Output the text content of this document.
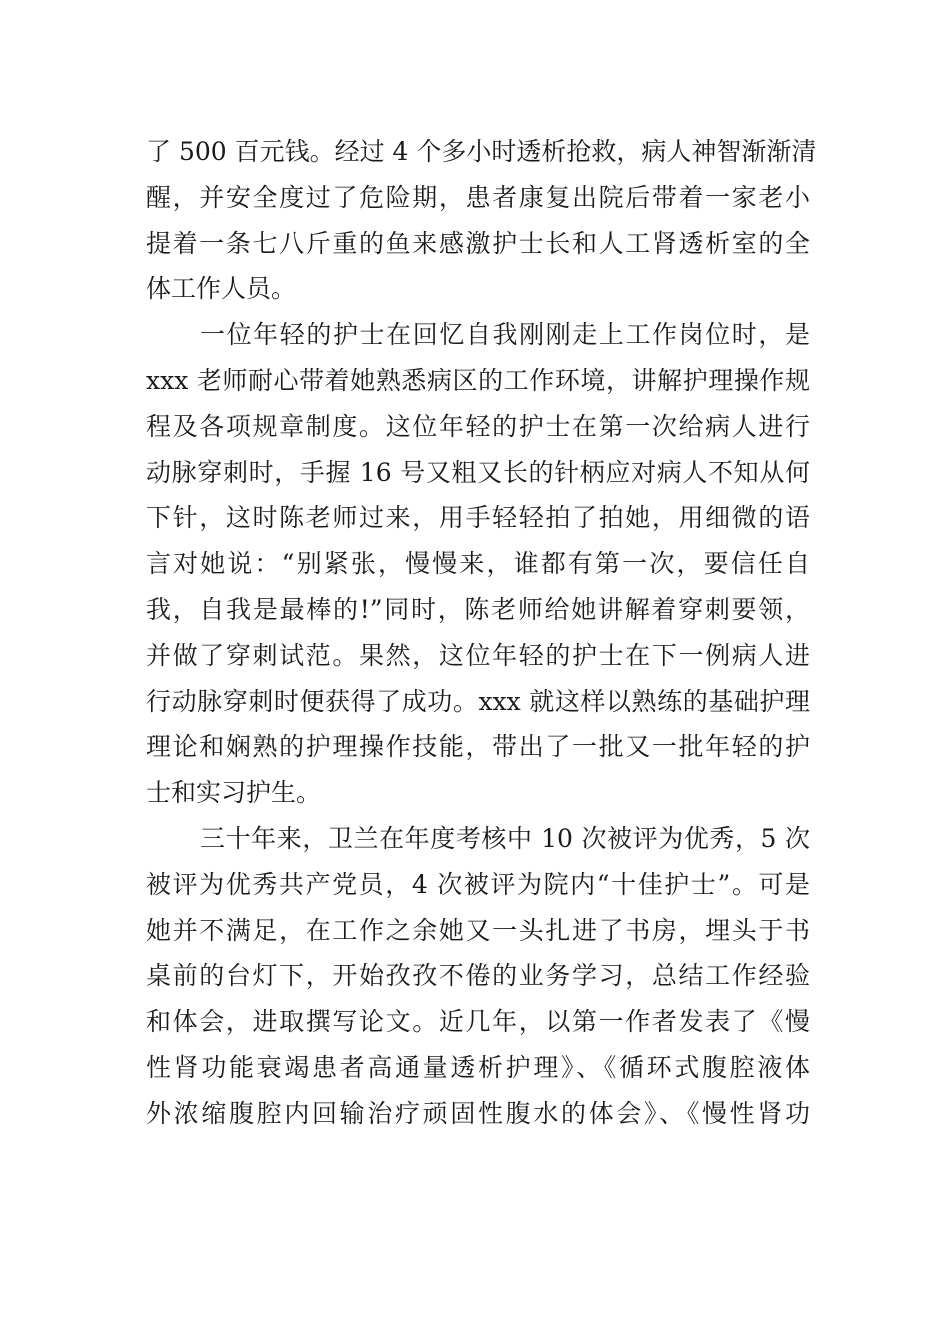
了 500 百元钱。经过 4 个多小时透析抢救，病人神智渐渐清
醒，并安全度过了危险期，患者康复出院后带着一家老小
提着一条七八斤重的鱼来感激护士长和人工肾透析室的全
体工作人员。
一位年轻的护士在回忆自我刚刚走上工作岗位时，是
xxx 老师耐心带着她熟悉病区的工作环境，讲解护理操作规
程及各项规章制度。这位年轻的护士在第一次给病人进行
动脉穿刺时，手握 16 号又粗又长的针柄应对病人不知从何
下针，这时陈老师过来，用手轻轻拍了拍她，用细微的语
言对她说：“别紧张，慢慢来，谁都有第一次，要信任自
我，自我是最棒的!”同时，陈老师给她讲解着穿刺要领，
并做了穿刺试范。果然，这位年轻的护士在下一例病人进
行动脉穿刺时便获得了成功。xxx 就这样以熟练的基础护理
理论和娴熟的护理操作技能，带出了一批又一批年轻的护
士和实习护生。
三十年来，卫兰在年度考核中 10 次被评为优秀，5 次
被评为优秀共产党员，4 次被评为院内“十佳护士”。可是
她并不满足，在工作之余她又一头扎进了书房，埋头于书
桌前的台灯下，开始孜孜不倦的业务学习，总结工作经验
和体会，进取撰写论文。近几年，以第一作者发表了《慢
性肾功能衰竭患者高通量透析护理》、《循环式腹腔液体
外浓缩腹腔内回输治疗顽固性腹水的体会》、《慢性肾功
